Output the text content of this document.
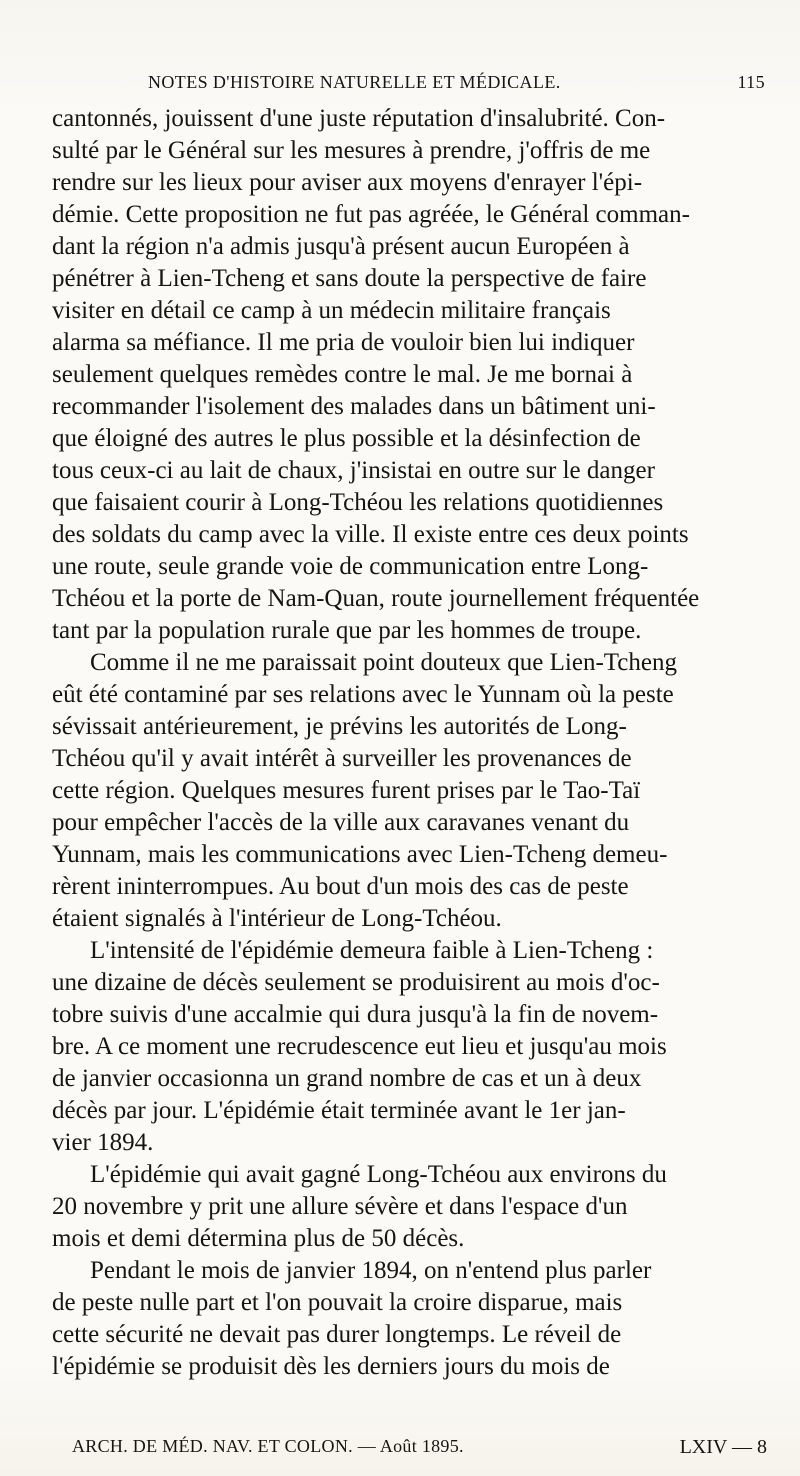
NOTES D'HISTOIRE NATURELLE ET MÉDICALE.	115
cantonnés, jouissent d'une juste réputation d'insalubrité. Con-
sulté par le Général sur les mesures à prendre, j'offris de me
rendre sur les lieux pour aviser aux moyens d'enrayer l'épi-
démie. Cette proposition ne fut pas agréée, le Général comman-
dant la région n'a admis jusqu'à présent aucun Européen à
pénétrer à Lien-Tcheng et sans doute la perspective de faire
visiter en détail ce camp à un médecin militaire français
alarma sa méfiance. Il me pria de vouloir bien lui indiquer
seulement quelques remèdes contre le mal. Je me bornai à
recommander l'isolement des malades dans un bâtiment uni-
que éloigné des autres le plus possible et la désinfection de
tous ceux-ci au lait de chaux, j'insistai en outre sur le danger
que faisaient courir à Long-Tchéou les relations quotidiennes
des soldats du camp avec la ville. Il existe entre ces deux points
une route, seule grande voie de communication entre Long-
Tchéou et la porte de Nam-Quan, route journellement fréquentée
tant par la population rurale que par les hommes de troupe.
Comme il ne me paraissait point douteux que Lien-Tcheng
eût été contaminé par ses relations avec le Yunnam où la peste
sévissait antérieurement, je prévins les autorités de Long-
Tchéou qu'il y avait intérêt à surveiller les provenances de
cette région. Quelques mesures furent prises par le Tao-Taï
pour empêcher l'accès de la ville aux caravanes venant du
Yunnam, mais les communications avec Lien-Tcheng demeu-
rèrent ininterrompues. Au bout d'un mois des cas de peste
étaient signalés à l'intérieur de Long-Tchéou.
L'intensité de l'épidémie demeura faible à Lien-Tcheng :
une dizaine de décès seulement se produisirent au mois d'oc-
tobre suivis d'une accalmie qui dura jusqu'à la fin de novem-
bre. A ce moment une recrudescence eut lieu et jusqu'au mois
de janvier occasionna un grand nombre de cas et un à deux
décès par jour. L'épidémie était terminée avant le 1er jan-
vier 1894.
L'épidémie qui avait gagné Long-Tchéou aux environs du
20 novembre y prit une allure sévère et dans l'espace d'un
mois et demi détermina plus de 50 décès.
Pendant le mois de janvier 1894, on n'entend plus parler
de peste nulle part et l'on pouvait la croire disparue, mais
cette sécurité ne devait pas durer longtemps. Le réveil de
l'épidémie se produisit dès les derniers jours du mois de
ARCH. DE MÉD. NAV. ET COLON. — Août 1895.	LXIV — 8
